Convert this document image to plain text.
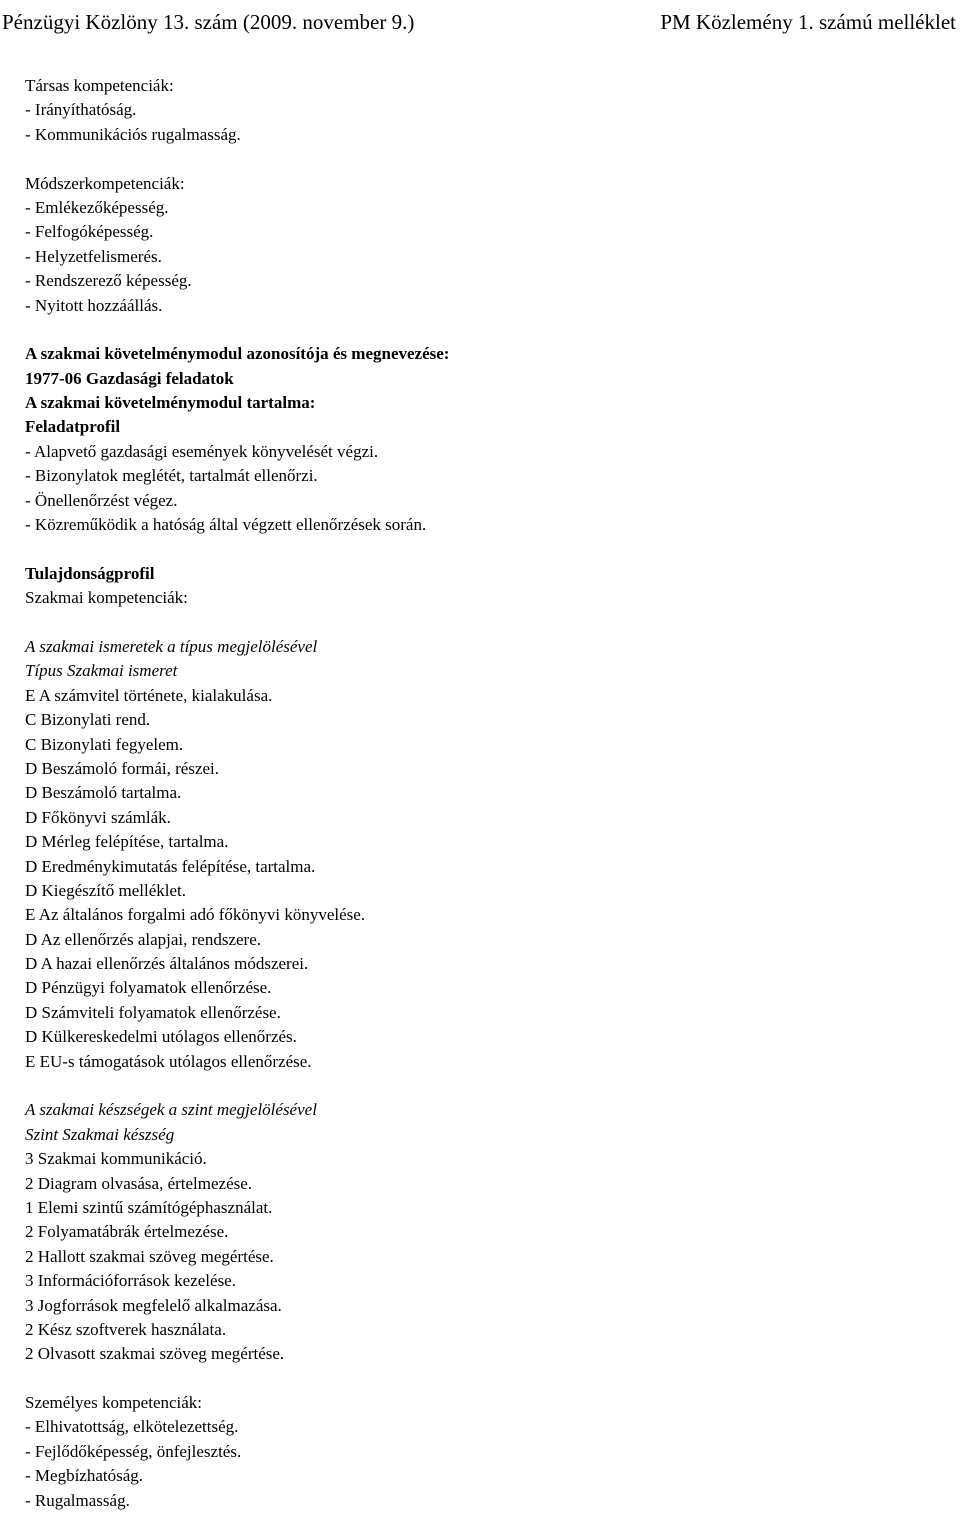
Pénzügyi Közlöny 13. szám (2009. november 9.)	PM Közlemény 1. számú melléklet
Társas kompetenciák:
- Irányíthatóság.
- Kommunikációs rugalmasság.
Módszerkompetenciák:
- Emlékezőképesség.
- Felfogóképesség.
- Helyzetfelismerés.
- Rendszerező képesség.
- Nyitott hozzáállás.
A szakmai követelménymodul azonosítója és megnevezése:
1977-06 Gazdasági feladatok
A szakmai követelménymodul tartalma:
Feladatprofil
- Alapvető gazdasági események könyvelését végzi.
- Bizonylatok meglétét, tartalmát ellenőrzi.
- Önellenőrzést végez.
- Közreműködik a hatóság által végzett ellenőrzések során.
Tulajdonságprofil
Szakmai kompetenciák:
A szakmai ismeretek a típus megjelölésével
Típus Szakmai ismeret
E A számvitel története, kialakulása.
C Bizonylati rend.
C Bizonylati fegyelem.
D Beszámoló formái, részei.
D Beszámoló tartalma.
D Főkönyvi számlák.
D Mérleg felépítése, tartalma.
D Eredménykimutatás felépítése, tartalma.
D Kiegészítő melléklet.
E Az általános forgalmi adó főkönyvi könyvelése.
D Az ellenőrzés alapjai, rendszere.
D A hazai ellenőrzés általános módszerei.
D Pénzügyi folyamatok ellenőrzése.
D Számviteli folyamatok ellenőrzése.
D Külkereskedelmi utólagos ellenőrzés.
E EU-s támogatások utólagos ellenőrzése.
A szakmai készségek a szint megjelölésével
Szint Szakmai készség
3 Szakmai kommunikáció.
2 Diagram olvasása, értelmezése.
1 Elemi szintű számítógéphasználat.
2 Folyamatábrák értelmezése.
2 Hallott szakmai szöveg megértése.
3 Információforrások kezelése.
3 Jogforrások megfelelő alkalmazása.
2 Kész szoftverek használata.
2 Olvasott szakmai szöveg megértése.
Személyes kompetenciák:
- Elhivatottság, elkötelezettség.
- Fejlődőképesség, önfejlesztés.
- Megbízhatóság.
- Rugalmasság.
